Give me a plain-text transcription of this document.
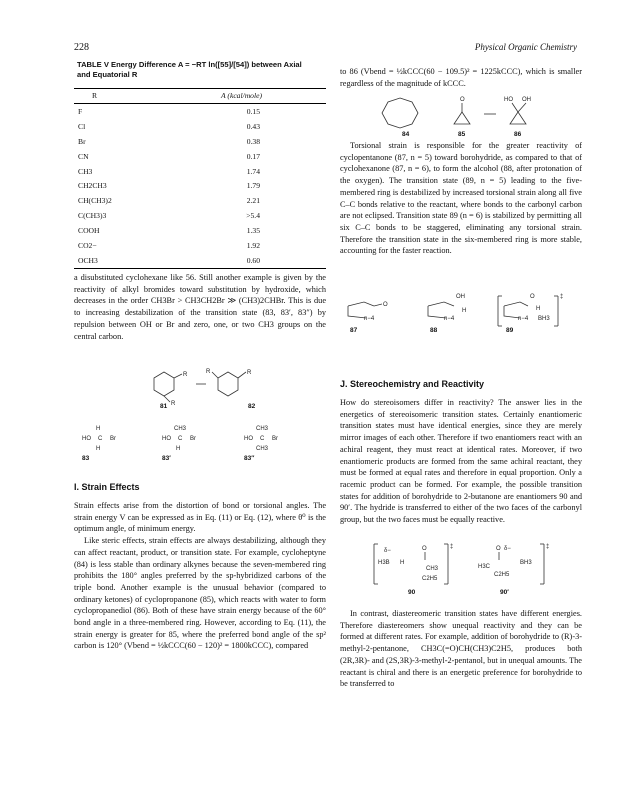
228	Physical Organic Chemistry
TABLE V Energy Difference A = −RT ln([55]/[54]) between Axial and Equatorial R
R	A (kcal/mole)
F	0.15
Cl	0.43
Br	0.38
CN	0.17
CH3	1.74
CH2CH3	1.79
CH(CH3)2	2.21
C(CH3)3	>5.4
COOH	1.35
CO2−	1.92
OCH3	0.60

a disubstituted cyclohexane like 56. Still another example is given by the reactivity of alkyl bromides toward substitution by hydroxide, which decreases in the order CH3Br > CH3CH2Br ≫ (CH3)2CHBr. This is due to increasing destabilization of the transition state (83, 83′, 83″) by repulsion between OH or Br and zero, one, or two CH3 groups on the central carbon.

R
R
81
R	R
82
HO C Br
H
H
83
HO C Br
CH3
H
83′
HO C Br
CH3
CH3
83″
I. Strain Effects

Strain effects arise from the distortion of bond or torsional angles. The strain energy V can be expressed as in Eq. (11) or Eq. (12), where θ⁰ is the optimum angle, of minimum energy.

Like steric effects, strain effects are always destabilizing, although they can affect reactant, product, or transition state. For example, cycloheptyne (84) is less stable than ordinary alkynes because the seven-membered ring prohibits the 180° angles preferred by the sp-hybridized carbons of the triple bond. Another example is the unusual behavior (compared to ordinary ketones) of cyclopropanone (85), which reacts with water to form cyclopropanediol (86). Both of these have strain energy because of the 60° bond angle in a three-membered ring. However, according to Eq. (11), the strain energy is greater for 85, where the preferred bond angle of the sp² carbon is 120° (Vbend = ½kCCC(60 − 120)² = 1800kCCC), compared

to 86 (Vbend = ½kCCC(60 − 109.5)² = 1225kCCC), which is smaller regardless of the magnitude of kCCC.

84
O
85
HO OH
86

Torsional strain is responsible for the greater reactivity of cyclopentanone (87, n = 5) toward borohydride, as compared to that of cyclohexanone (87, n = 6), to form the alcohol (88, after protonation of the oxygen). The transition state (89, n = 5) leading to the five-membered ring is destabilized by increased torsional strain along all five C–C bonds relative to the reactant, where bonds to the carbonyl carbon are not eclipsed. Transition state 89 (n = 6) is stabilized by permitting all six C–C bonds to be staggered, eliminating any torsional strain. Therefore the transition state in the six-membered ring is more stable, accounting for the faster reaction.

O
n−4
87
OH
H
n−4
88
O
H
BH3
n−4
‡
89
J. Stereochemistry and Reactivity

How do stereoisomers differ in reactivity? The answer lies in the energetics of stereoisomeric transition states. Certainly enantiomeric transition states must have identical energies, since they are merely mirror images of each other. Therefore if two enantiomers react with an achiral reagent, they must react at identical rates. Moreover, if two enantiomeric products are formed from the same achiral reactant, they must be formed at equal rates and therefore in equal proportion. Only a racemic product can be formed. For example, the possible transition states for addition of borohydride to 2-butanone are enantiomers 90 and 90′. The hydride is transferred to either of the two faces of the carbonyl group, but the two faces must be equally reactive.

δ−
H3B H
O
CH3
C2H5
‡
90
O δ−
H3C
C2H5
BH3
‡
90′

In contrast, diastereomeric transition states have different energies. Therefore diastereomers show unequal reactivity and they can be formed at different rates. For example, addition of borohydride to (R)-3-methyl-2-pentanone, CH3C(=O)CH(CH3)C2H5, produces both (2R,3R)- and (2S,3R)-3-methyl-2-pentanol, but in unequal amounts. The reactant is chiral and there is an energetic preference for borohydride to be transferred to
